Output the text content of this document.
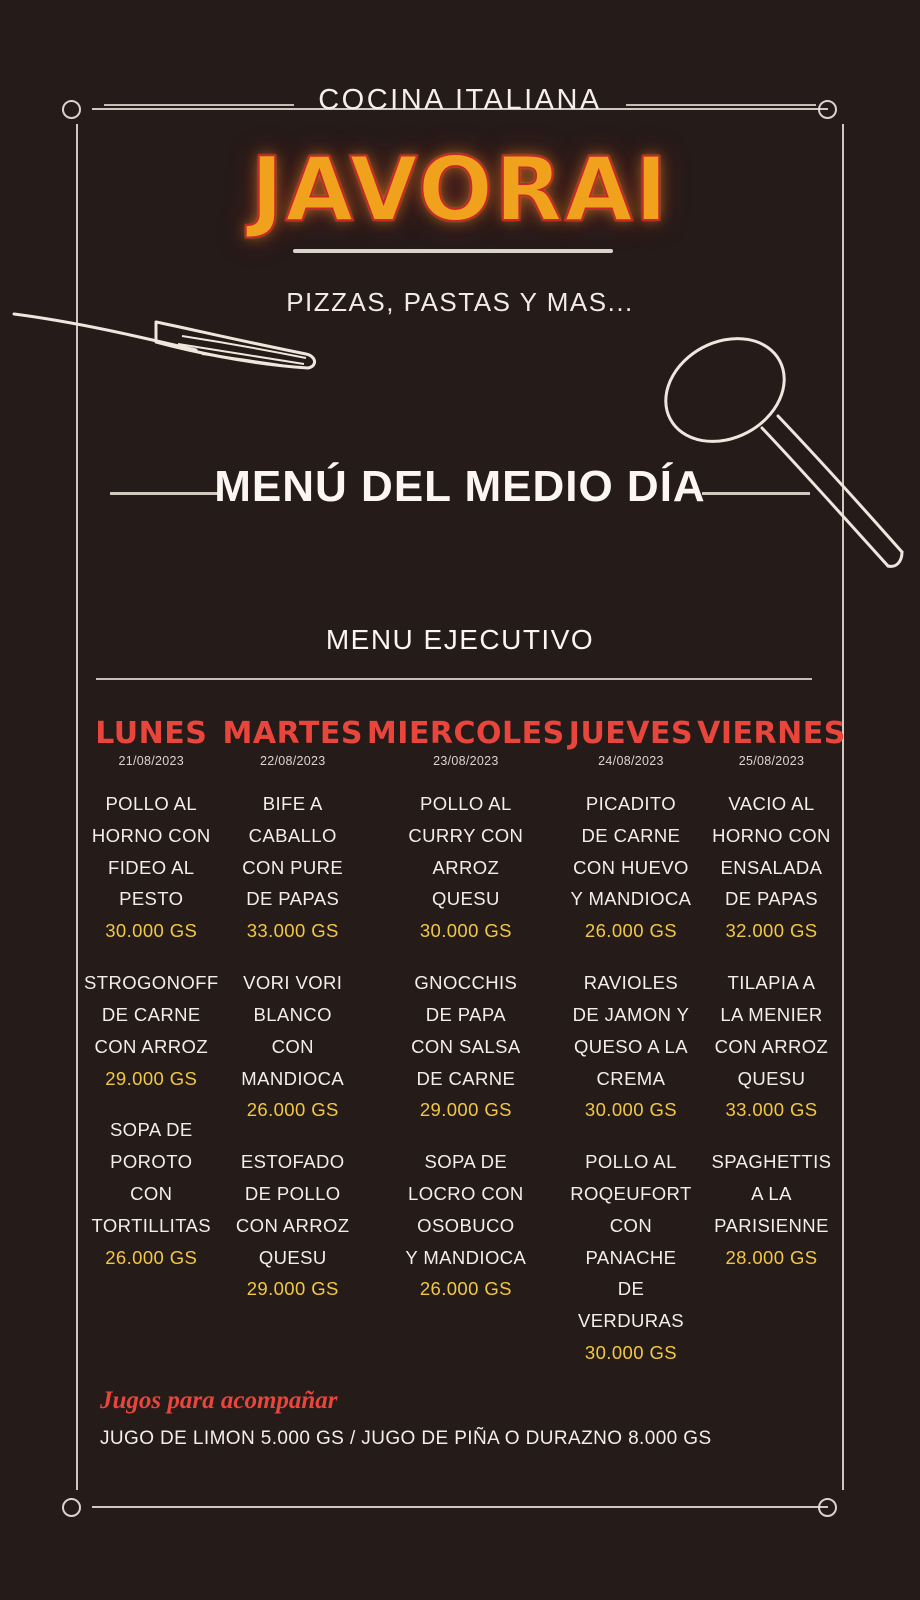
COCINA ITALIANA
JAVORAI
PIZZAS, PASTAS Y MAS...
MENÚ DEL MEDIO DÍA
MENU EJECUTIVO
LUNES
21/08/2023
POLLO AL
HORNO CON
FIDEO AL
PESTO
30.000 GS
STROGONOFF
DE CARNE
CON ARROZ
29.000 GS
SOPA DE
POROTO
CON
TORTILLITAS
26.000 GS
MARTES
22/08/2023
BIFE A
CABALLO
CON PURE
DE PAPAS
33.000 GS
VORI VORI
BLANCO
CON
MANDIOCA
26.000 GS
ESTOFADO
DE POLLO
CON ARROZ
QUESU
29.000 GS
MIERCOLES
23/08/2023
POLLO AL
CURRY CON
ARROZ
QUESU
30.000 GS
GNOCCHIS
DE PAPA
CON SALSA
DE CARNE
29.000 GS
SOPA DE
LOCRO CON
OSOBUCO
Y MANDIOCA
26.000 GS
JUEVES
24/08/2023
PICADITO
DE CARNE
CON HUEVO
Y MANDIOCA
26.000 GS
RAVIOLES
DE JAMON Y
QUESO A LA
CREMA
30.000 GS
POLLO AL
ROQEUFORT
CON PANACHE
DE VERDURAS
30.000 GS
VIERNES
25/08/2023
VACIO AL
HORNO CON
ENSALADA
DE PAPAS
32.000 GS
TILAPIA A
LA MENIER
CON ARROZ
QUESU
33.000 GS
SPAGHETTIS
A LA
PARISIENNE
28.000 GS
Jugos para acompañar
JUGO DE LIMON 5.000 GS / JUGO DE PIÑA O DURAZNO 8.000 GS
